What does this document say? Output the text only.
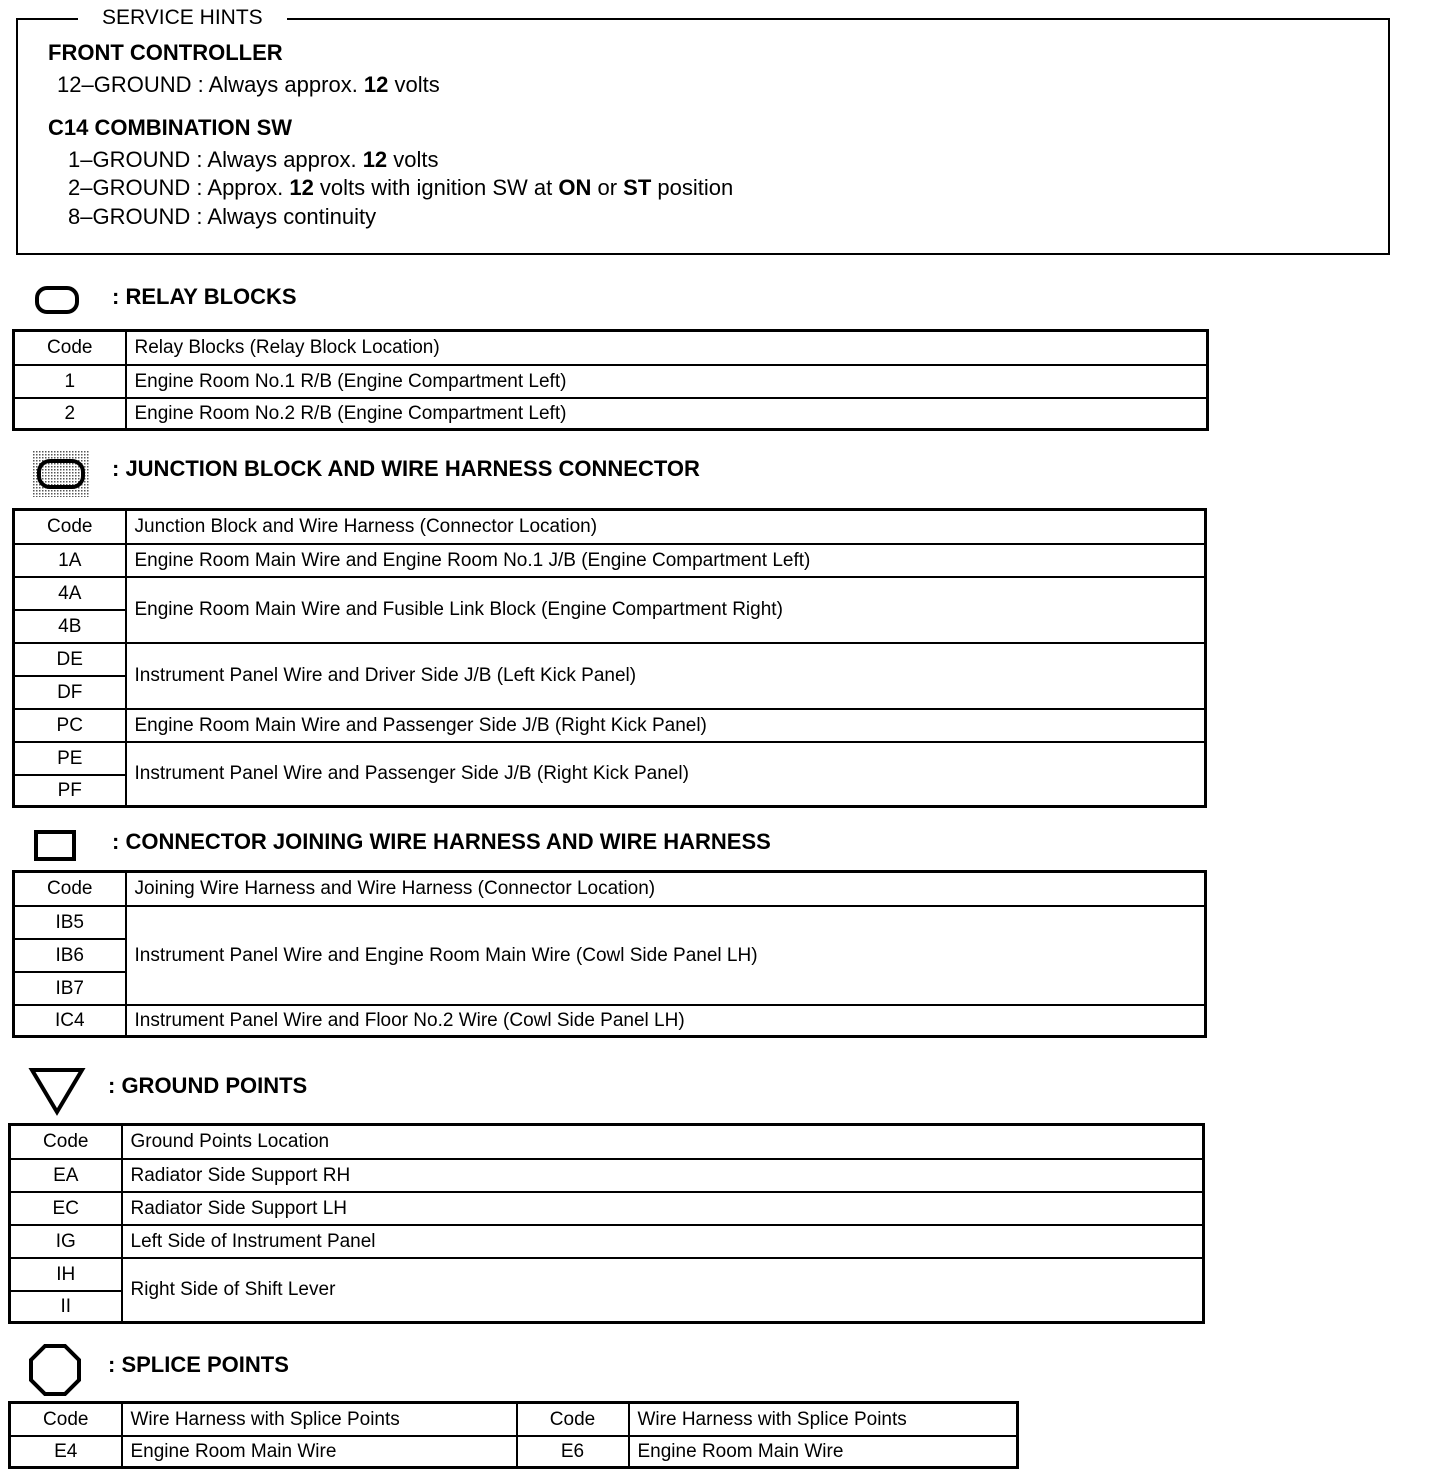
SERVICE HINTS
FRONT CONTROLLER
12–GROUND : Always approx. 12 volts
C14 COMBINATION SW
1–GROUND : Always approx. 12 volts
2–GROUND : Approx. 12 volts with ignition SW at ON or ST position
8–GROUND : Always continuity
: RELAY BLOCKS
Code	Relay Blocks (Relay Block Location)
1	Engine Room No.1 R/B (Engine Compartment Left)
2	Engine Room No.2 R/B (Engine Compartment Left)
: JUNCTION BLOCK AND WIRE HARNESS CONNECTOR
Code	Junction Block and Wire Harness (Connector Location)
1A	Engine Room Main Wire and Engine Room No.1 J/B (Engine Compartment Left)
4A	Engine Room Main Wire and Fusible Link Block (Engine Compartment Right)
4B	
DE	Instrument Panel Wire and Driver Side J/B (Left Kick Panel)
DF	
PC	Engine Room Main Wire and Passenger Side J/B (Right Kick Panel)
PE	Instrument Panel Wire and Passenger Side J/B (Right Kick Panel)
PF	
: CONNECTOR JOINING WIRE HARNESS AND WIRE HARNESS
Code	Joining Wire Harness and Wire Harness (Connector Location)
IB5	Instrument Panel Wire and Engine Room Main Wire (Cowl Side Panel LH)
IB6	
IB7	
IC4	Instrument Panel Wire and Floor No.2 Wire (Cowl Side Panel LH)
: GROUND POINTS
Code	Ground Points Location
EA	Radiator Side Support RH
EC	Radiator Side Support LH
IG	Left Side of Instrument Panel
IH	Right Side of Shift Lever
II	
: SPLICE POINTS
Code	Wire Harness with Splice Points	Code	Wire Harness with Splice Points
E4	Engine Room Main Wire	E6	Engine Room Main Wire
